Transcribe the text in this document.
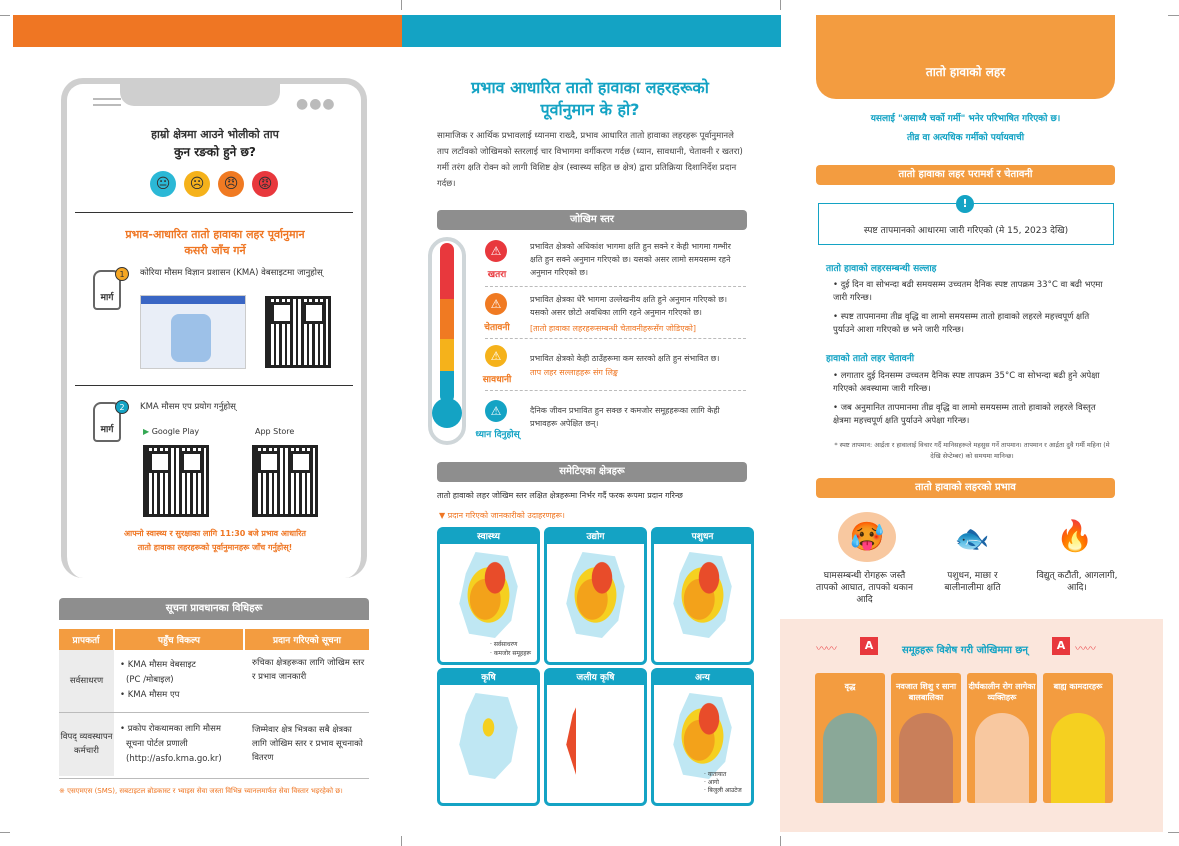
●●●
हाम्रो क्षेत्रमा आउने भोलीको ताप
कुन रङको हुने छ?
😐	☹	😠	😡
प्रभाव-आधारित तातो हावाका लहर पूर्वानुमान
कसरी जाँच गर्ने
मार्ग
1	कोरिया मौसम विज्ञान प्रशासन (KMA) वेबसाइटमा जानुहोस्
मार्ग
2	KMA मौसम एप प्रयोग गर्नुहोस्
▶ Google Play	App Store
आफ्नो स्वास्थ्य र सुरक्षाका लागि 11:30 बजे प्रभाव आधारित
तातो हावाका लहरहरूको पूर्वानुमानहरू जाँच गर्नुहोस्!
सूचना प्रावधानका विधिहरू
प्रापकर्ता	पहुँच विकल्प	प्रदान गरिएको सूचना
सर्वसाधरण	• KMA मौसम वेबसाइट
(PC /मोबाइल)
• KMA मौसम एप	रुचिका क्षेत्रहरूका लागि जोखिम स्तर र प्रभाव जानकारी
विपद् व्यवस्थापन कर्मचारी	• प्रकोप रोकथामका लागि मौसम
सूचना पोर्टल प्रणाली
(http://asfo.kma.go.kr)	जिम्मेवार क्षेत्र भित्रका सबै क्षेत्रका लागि जोखिम स्तर र प्रभाव सूचनाको वितरण
※ एसएमएस (SMS), सबटाइटल ब्रोडकास्ट र भ्वाइस सेवा जस्ता विभिन्न च्यानलमार्फत सेवा विस्तार भइरहेको छ।
प्रभाव आधारित तातो हावाका लहरहरूको
पूर्वानुमान के हो?
सामाजिक र आर्थिक प्रभावलाई ध्यानमा राख्दै, प्रभाव आधारित तातो हावाका लहरहरू पूर्वानुमानले ताप लटाँवको जोखिमको स्तरलाई चार विभागमा वर्गीकरण गर्दछ (ध्यान, सावधानी, चेतावनी र खतरा) गर्मी तरंग क्षति रोक्न को लागी विशिष्ट क्षेत्र (स्वास्थ्य सहित छ क्षेत्र) द्वारा प्रतिक्रिया दिशानिर्देश प्रदान गर्दछ।
जोखिम स्तर
⚠
खतरा
प्रभावित क्षेत्रको अधिकांश भागमा क्षति हुन सक्ने र केही भागमा गम्भीर क्षति हुन सक्ने अनुमान गरिएको छ। यसको असर लामो समयसम्म रहने अनुमान गरिएको छ।
⚠
चेतावनी
प्रभावित क्षेत्रका धेरै भागमा उल्लेखनीय क्षति हुने अनुमान गरिएको छ। यसको असर छोटो अवधिका लागि रहने अनुमान गरिएको छ।
[तातो हावाका लहरहरूसम्बन्धी चेतावनीहरूसँग जोडिएको]
⚠
सावधानी
प्रभावित क्षेत्रको केही ठाउँहरूमा कम स्तरको क्षति हुन संभावित छ।
ताप लहर सल्लाहहरू संग लिङ्क
⚠
ध्यान दिनुहोस्
दैनिक जीवन प्रभावित हुन सक्छ र कमजोर समूहहरूका लागि केही प्रभावहरू अपेक्षित छन्।
समेटिएका क्षेत्रहरू
तातो हावाको लहर जोखिम स्तर लक्षित क्षेत्रहरूमा निर्भर गर्दै फरक रूपमा प्रदान गरिन्छ
▼ प्रदान गरिएको जानकारीको उदाहरणहरू।
स्वास्थ्य
· सर्वसाधरण
· कमजोर समूहहरू
उद्योग	पशुधन
कृषि	जलीय कृषि	अन्य
· यातायात
· आगो
· बिजुली आउटेज
तातो हावाको लहर
यसलाई "असाध्यै चर्को गर्मी" भनेर परिभाषित गरिएको छ।
तीव्र वा अत्यधिक गर्मीको पर्यायवाची
तातो हावाका लहर परामर्श र चेतावनी
!
स्पष्ट तापमानको आधारमा जारी गरिएको (मे 15, 2023 देखि)
तातो हावाको लहरसम्बन्धी सल्लाह
• दुई दिन वा सोभन्दा बढी समयसम्म उच्चतम दैनिक स्पष्ट तापक्रम 33°C वा बढी भएमा जारी गरिन्छ।
• स्पष्ट तापमानमा तीव्र वृद्धि वा लामो समयसम्म तातो हावाको लहरले महत्त्वपूर्ण क्षति पुर्याउने आशा गरिएको छ भने जारी गरिन्छ।
हावाको तातो लहर चेतावनी
• लगातार दुई दिनसम्म उच्चतम दैनिक स्पष्ट तापक्रम 35°C वा सोभन्दा बढी हुने अपेक्षा गरिएको अवस्थामा जारी गरिन्छ।
• जब अनुमानित तापमानमा तीव्र वृद्धि वा लामो समयसम्म तातो हावाको लहरले विस्तृत क्षेत्रमा महत्त्वपूर्ण क्षति पुर्याउने अपेक्षा गरिन्छ।
* स्पष्ट तापमान: आर्द्रता र हावालाई विचार गर्दै मानिसहरूले महसुस गर्ने तापमान। तापमान र आर्द्रता दुवै गर्मी महिना (मे देखि सेप्टेम्बर) को समयमा मानिन्छ।
तातो हावाको लहरको प्रभाव
🥵	🐟	🔥
घामसम्बन्धी रोगहरू जस्तै तापको आघात, तापको थकान आदि
पशुधन, माछा र बालीनालीमा क्षति
विद्युत् कटौती, आगलागी, आदि।
〰〰	〰〰
A	A
समूहहरू विशेष गरी जोखिममा छन्
वृद्ध	नवजात शिशु र साना बालबालिका
दीर्घकालीन रोग लागेका व्यक्तिहरू
बाह्य कामदारहरू
